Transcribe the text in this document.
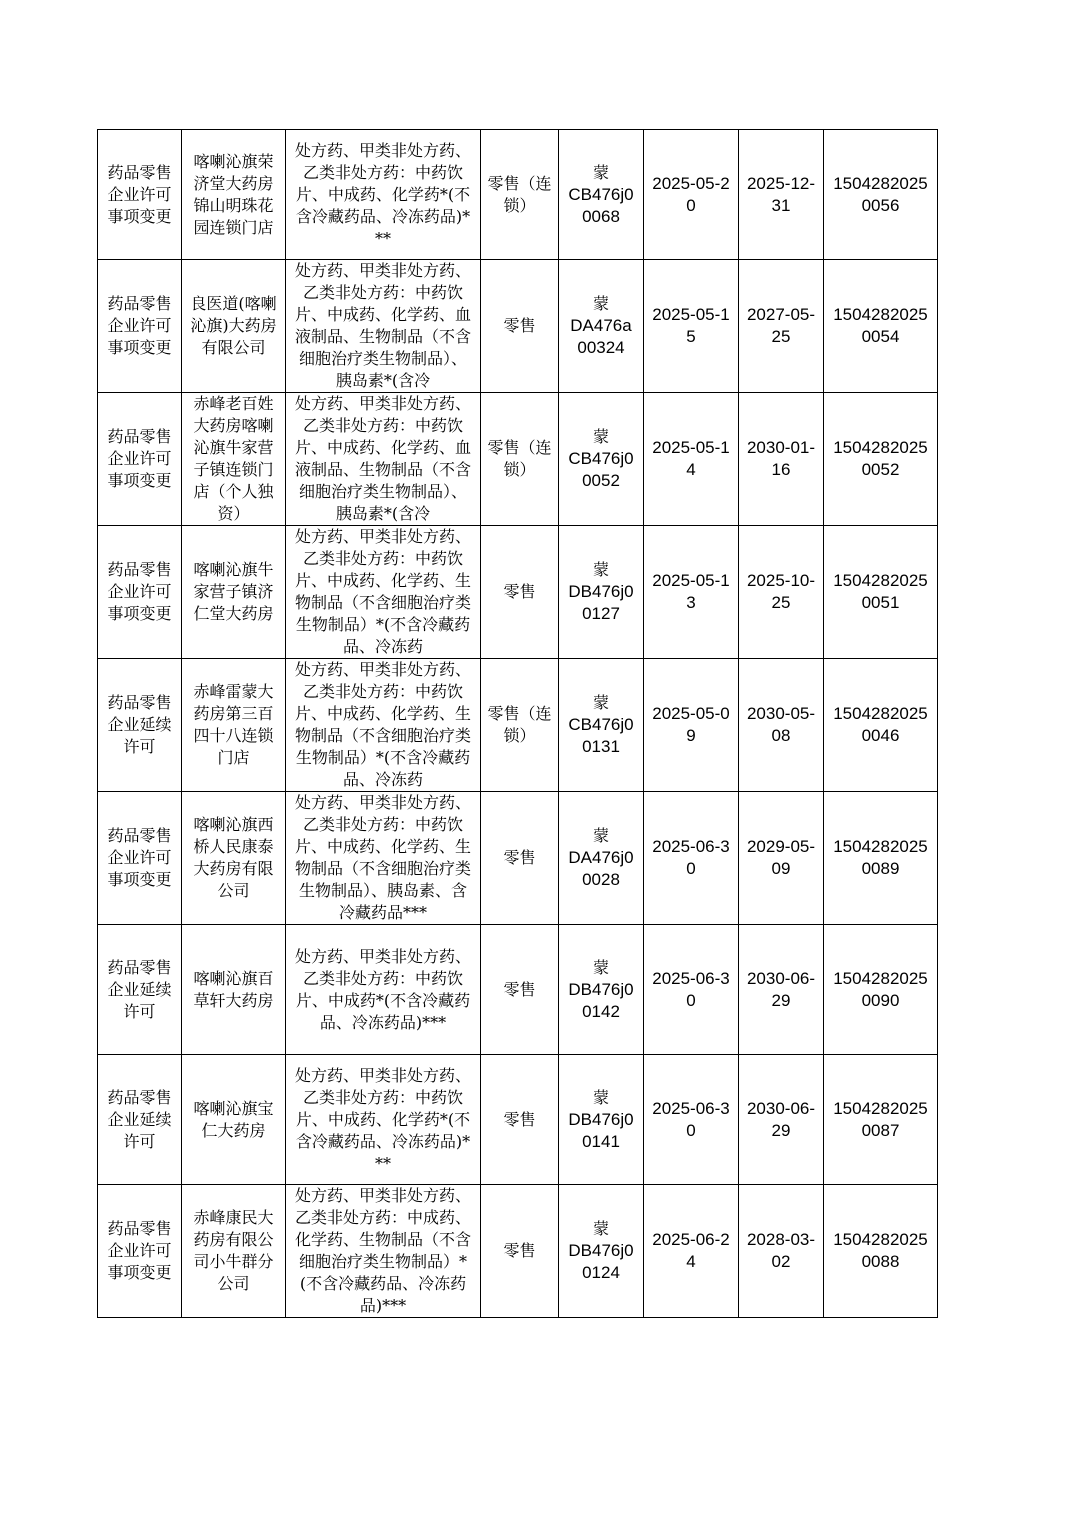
药品零售企业许可事项变更	喀喇沁旗荣济堂大药房锦山明珠花园连锁门店	处方药、甲类非处方药、乙类非处方药：中药饮片、中成药、化学药*(不含冷藏药品、冷冻药品)***	零售（连锁）	蒙
CB476j00068	2025-05-20	2025-12-31	15042820250056

药品零售企业许可事项变更	良医道(喀喇沁旗)大药房有限公司	处方药、甲类非处方药、乙类非处方药：中药饮片、中成药、化学药、血液制品、生物制品（不含细胞治疗类生物制品）、胰岛素*(含冷	零售	蒙
DA476a00324	2025-05-15	2027-05-25	15042820250054

药品零售企业许可事项变更	赤峰老百姓大药房喀喇沁旗牛家营子镇连锁门店（个人独资）	处方药、甲类非处方药、乙类非处方药：中药饮片、中成药、化学药、血液制品、生物制品（不含细胞治疗类生物制品）、胰岛素*(含冷	零售（连锁）	蒙
CB476j00052	2025-05-14	2030-01-16	15042820250052

药品零售企业许可事项变更	喀喇沁旗牛家营子镇济仁堂大药房	处方药、甲类非处方药、乙类非处方药：中药饮片、中成药、化学药、生物制品（不含细胞治疗类生物制品）*(不含冷藏药品、冷冻药	零售	蒙
DB476j00127	2025-05-13	2025-10-25	15042820250051

药品零售企业延续许可	赤峰雷蒙大药房第三百四十八连锁门店	处方药、甲类非处方药、乙类非处方药：中药饮片、中成药、化学药、生物制品（不含细胞治疗类生物制品）*(不含冷藏药品、冷冻药	零售（连锁）	蒙
CB476j00131	2025-05-09	2030-05-08	15042820250046

药品零售企业许可事项变更	喀喇沁旗西桥人民康泰大药房有限公司	处方药、甲类非处方药、乙类非处方药：中药饮片、中成药、化学药、生物制品（不含细胞治疗类生物制品）、胰岛素、含冷藏药品***	零售	蒙
DA476j00028	2025-06-30	2029-05-09	15042820250089

药品零售企业延续许可	喀喇沁旗百草轩大药房	处方药、甲类非处方药、乙类非处方药：中药饮片、中成药*(不含冷藏药品、冷冻药品)***	零售	蒙
DB476j00142	2025-06-30	2030-06-29	15042820250090

药品零售企业延续许可	喀喇沁旗宝仁大药房	处方药、甲类非处方药、乙类非处方药：中药饮片、中成药、化学药*(不含冷藏药品、冷冻药品)***	零售	蒙
DB476j00141	2025-06-30	2030-06-29	15042820250087

药品零售企业许可事项变更	赤峰康民大药房有限公司小牛群分公司	处方药、甲类非处方药、乙类非处方药：中成药、化学药、生物制品（不含细胞治疗类生物制品）*(不含冷藏药品、冷冻药品)***	零售	蒙
DB476j00124	2025-06-24	2028-03-02	15042820250088
